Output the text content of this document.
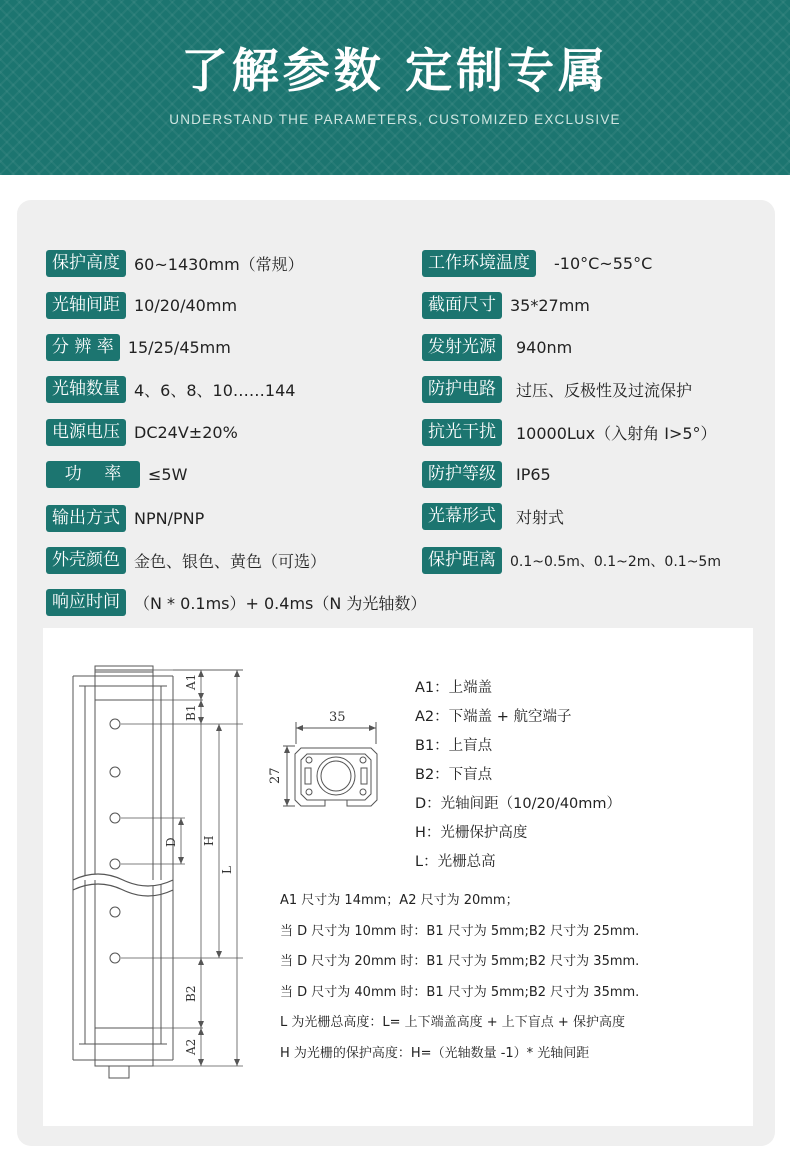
了解参数 定制专属
UNDERSTAND THE PARAMETERS, CUSTOMIZED EXCLUSIVE
保护高度 60~1430mm（常规）
光轴间距 10/20/40mm
分 辨 率 15/25/45mm
光轴数量 4、6、8、10……144
电源电压 DC24V±20%
功　 率	≤5W
输出方式 NPN/PNP
外壳颜色 金色、银色、黄色（可选）
响应时间 （N * 0.1ms）+ 0.4ms（N 为光轴数）
工作环境温度	-10°C~55°C
截面尺寸 35*27mm
发射光源	940nm
防护电路	过压、反极性及过流保护
抗光干扰	10000Lux（入射角 I>5°）
防护等级	IP65
光幕形式	对射式
保护距离	0.1~0.5m、0.1~2m、0.1~5m
A1
B1
D H
L
B2
A2
35
27
A1：上端盖
A2：下端盖 + 航空端子
B1：上盲点
B2：下盲点
D：光轴间距（10/20/40mm）
H：光栅保护高度
L：光栅总高
A1 尺寸为 14mm；A2 尺寸为 20mm；
当 D 尺寸为 10mm 时：B1 尺寸为 5mm;B2 尺寸为 25mm.
当 D 尺寸为 20mm 时：B1 尺寸为 5mm;B2 尺寸为 35mm.
当 D 尺寸为 40mm 时：B1 尺寸为 5mm;B2 尺寸为 35mm.
L 为光栅总高度：L= 上下端盖高度 + 上下盲点 + 保护高度
H 为光栅的保护高度：H=（光轴数量 -1）* 光轴间距
